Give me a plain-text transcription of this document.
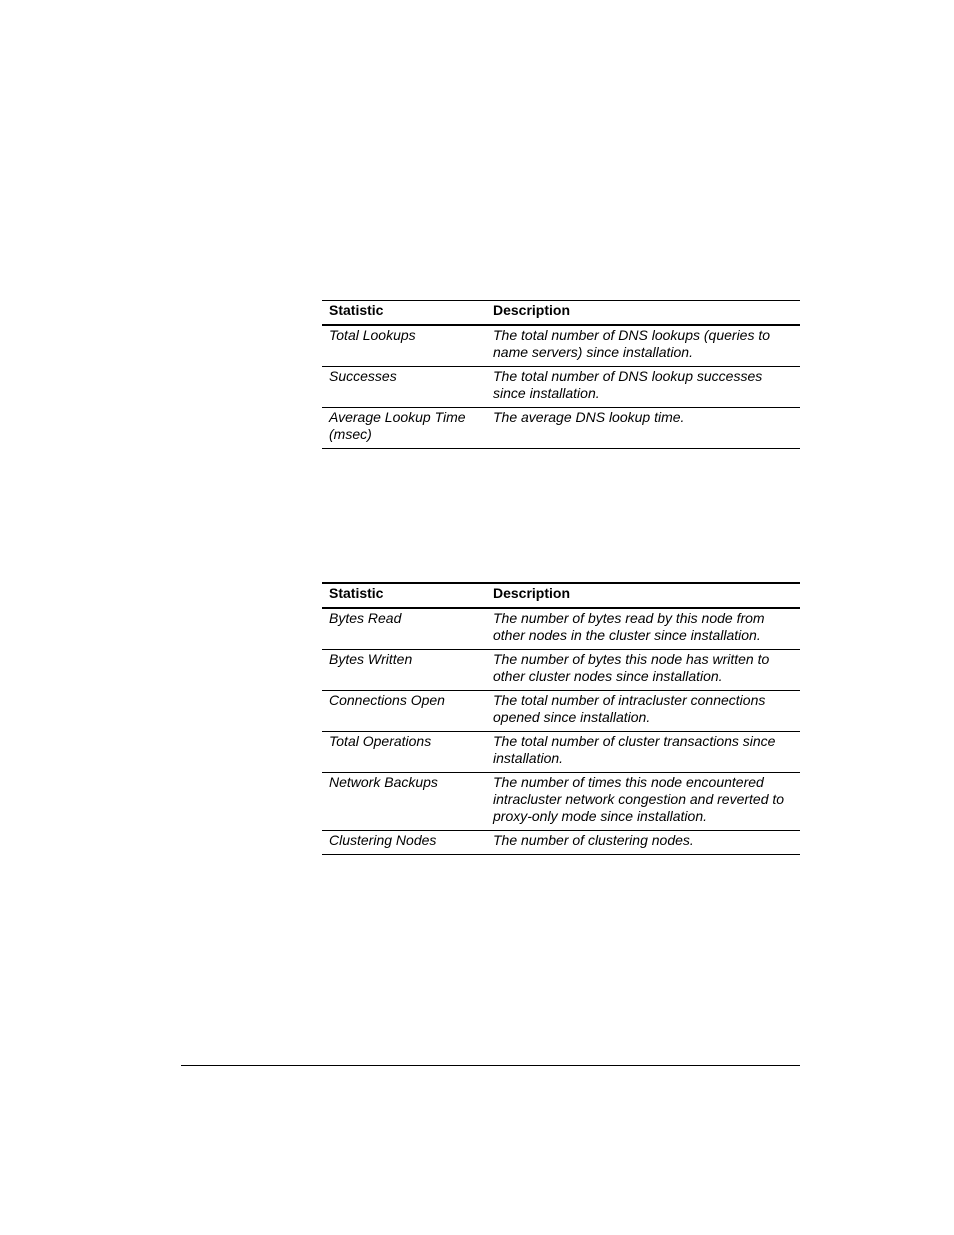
Statistic	Description
Total Lookups	The total number of DNS lookups (queries to name servers) since installation.
Successes	The total number of DNS lookup successes since installation.
Average Lookup Time (msec)	The average DNS lookup time.
Statistic	Description
Bytes Read	The number of bytes read by this node from other nodes in the cluster since installation.
Bytes Written	The number of bytes this node has written to other cluster nodes since installation.
Connections Open	The total number of intracluster connections opened since installation.
Total Operations	The total number of cluster transactions since installation.
Network Backups	The number of times this node encountered intracluster network congestion and reverted to proxy-only mode since installation.
Clustering Nodes	The number of clustering nodes.
